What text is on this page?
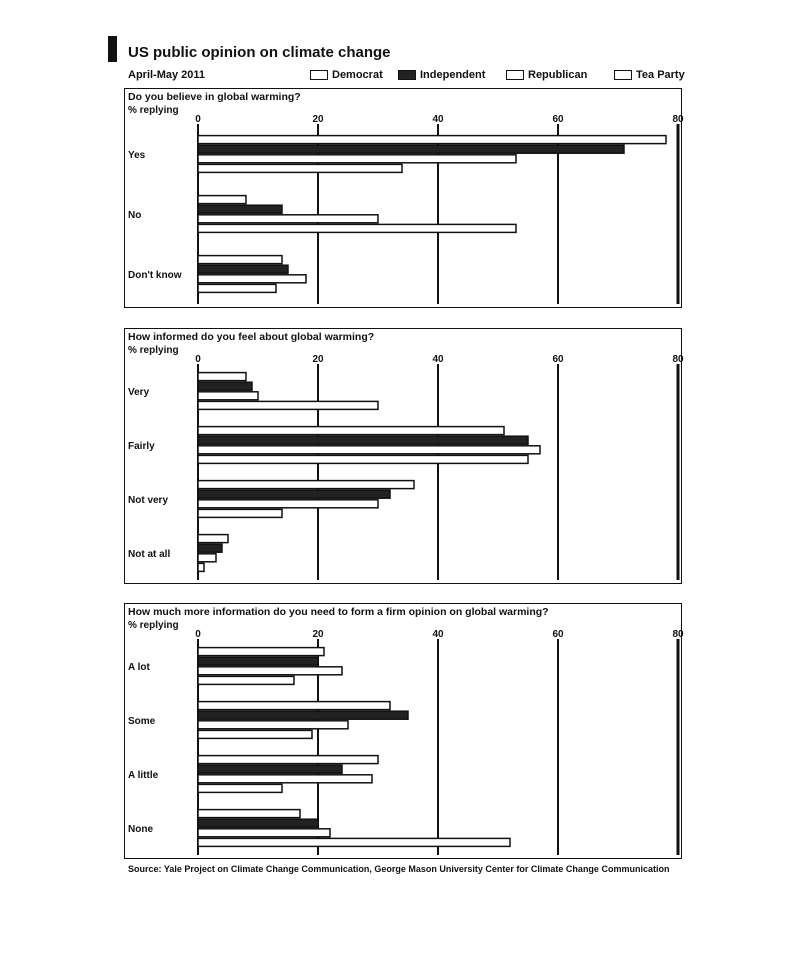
US public opinion on climate change
April-May 2011	Democrat	Independent	Republican	Tea Party
Do you believe in global warming?
% replying
0	20	40	60	80
Yes
No
Don't know
How informed do you feel about global warming?
% replying
0	20	40	60	80
Very
Fairly
Not very
Not at all
How much more information do you need to form a firm opinion on global warming?
% replying
0	20	40	60	80
A lot
Some
A little
None
Source: Yale Project on Climate Change Communication, George Mason University Center for Climate Change Communication
